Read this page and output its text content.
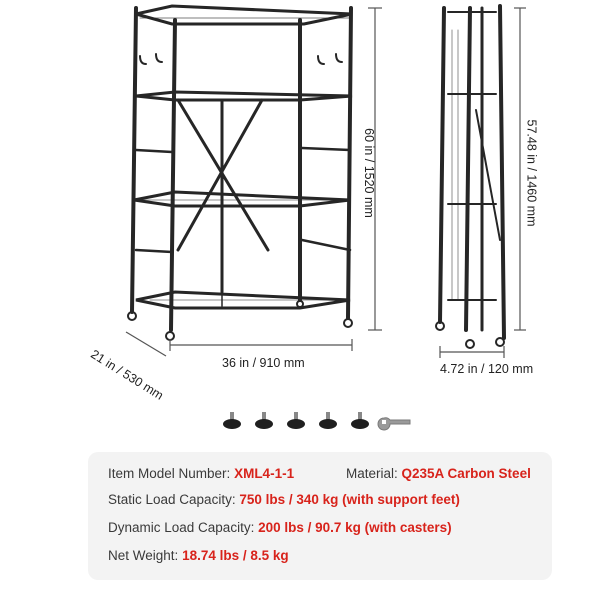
60 in / 1520 mm	57.48 in / 1460 mm
36 in / 910 mm
21 in / 530 mm	4.72 in / 120 mm
Item Model Number: XML4-1-1	Material: Q235A Carbon Steel
Static Load Capacity: 750 lbs / 340 kg (with support feet)
Dynamic Load Capacity: 200 lbs / 90.7 kg (with casters)
Net Weight: 18.74 lbs / 8.5 kg
